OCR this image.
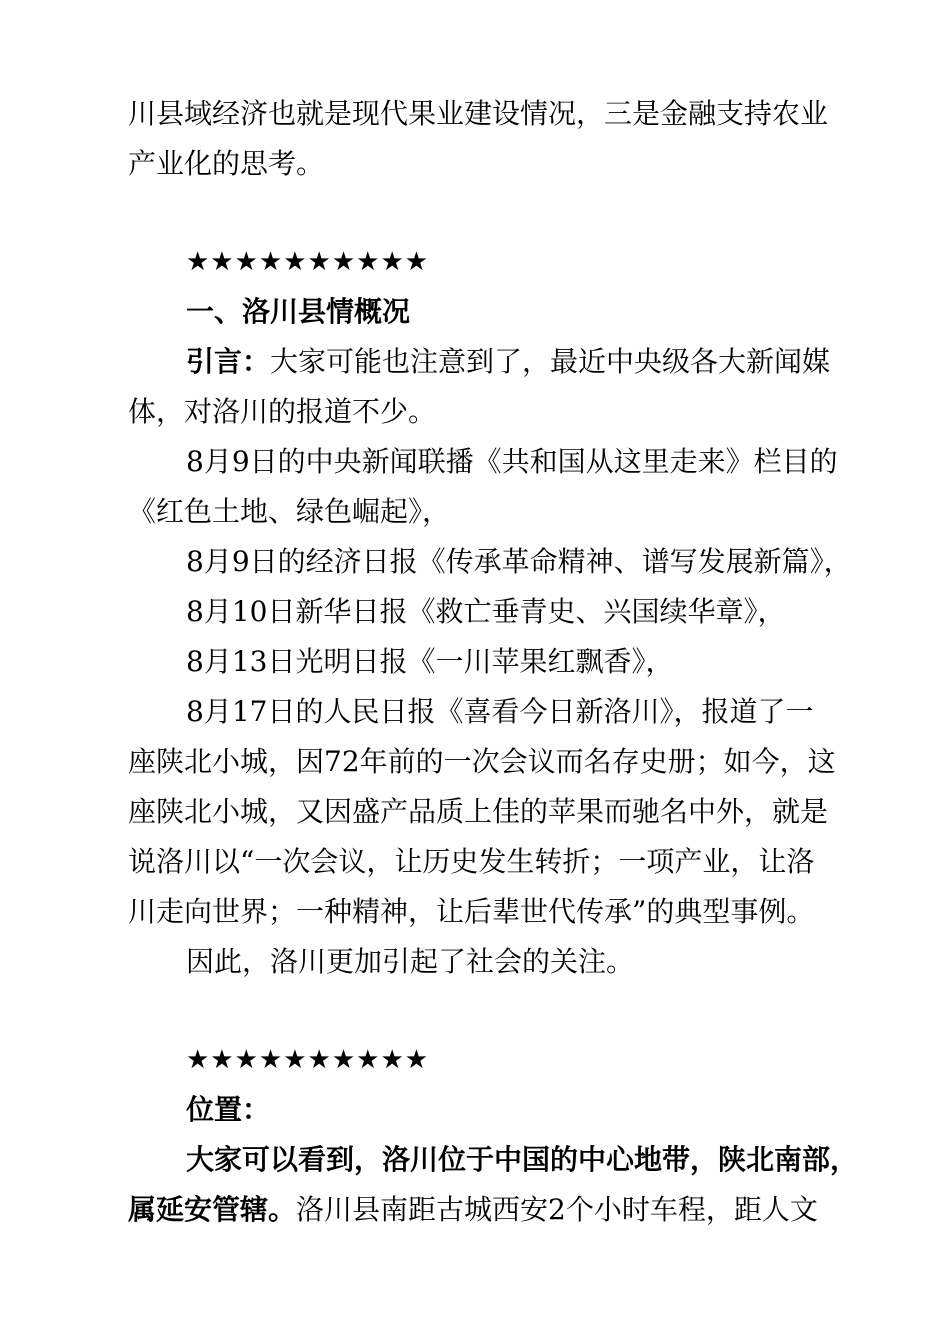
川县域经济也就是现代果业建设情况，三是金融支持农业
产业化的思考。
★★★★★★★★★★
一、洛川县情概况
引言：大家可能也注意到了，最近中央级各大新闻媒
体，对洛川的报道不少。
8月9日的中央新闻联播《共和国从这里走来》栏目的
《红色土地、绿色崛起》，
8月9日的经济日报《传承革命精神、谱写发展新篇》，
8月10日新华日报《救亡垂青史、兴国续华章》，
8月13日光明日报《一川苹果红飘香》，
8月17日的人民日报《喜看今日新洛川》，报道了一
座陕北小城，因72年前的一次会议而名存史册；如今，这
座陕北小城，又因盛产品质上佳的苹果而驰名中外，就是
说洛川以“一次会议，让历史发生转折；一项产业，让洛
川走向世界；一种精神，让后辈世代传承”的典型事例。
因此，洛川更加引起了社会的关注。
★★★★★★★★★★
位置：
大家可以看到，洛川位于中国的中心地带，陕北南部，
属延安管辖。洛川县南距古城西安2个小时车程，距人文
